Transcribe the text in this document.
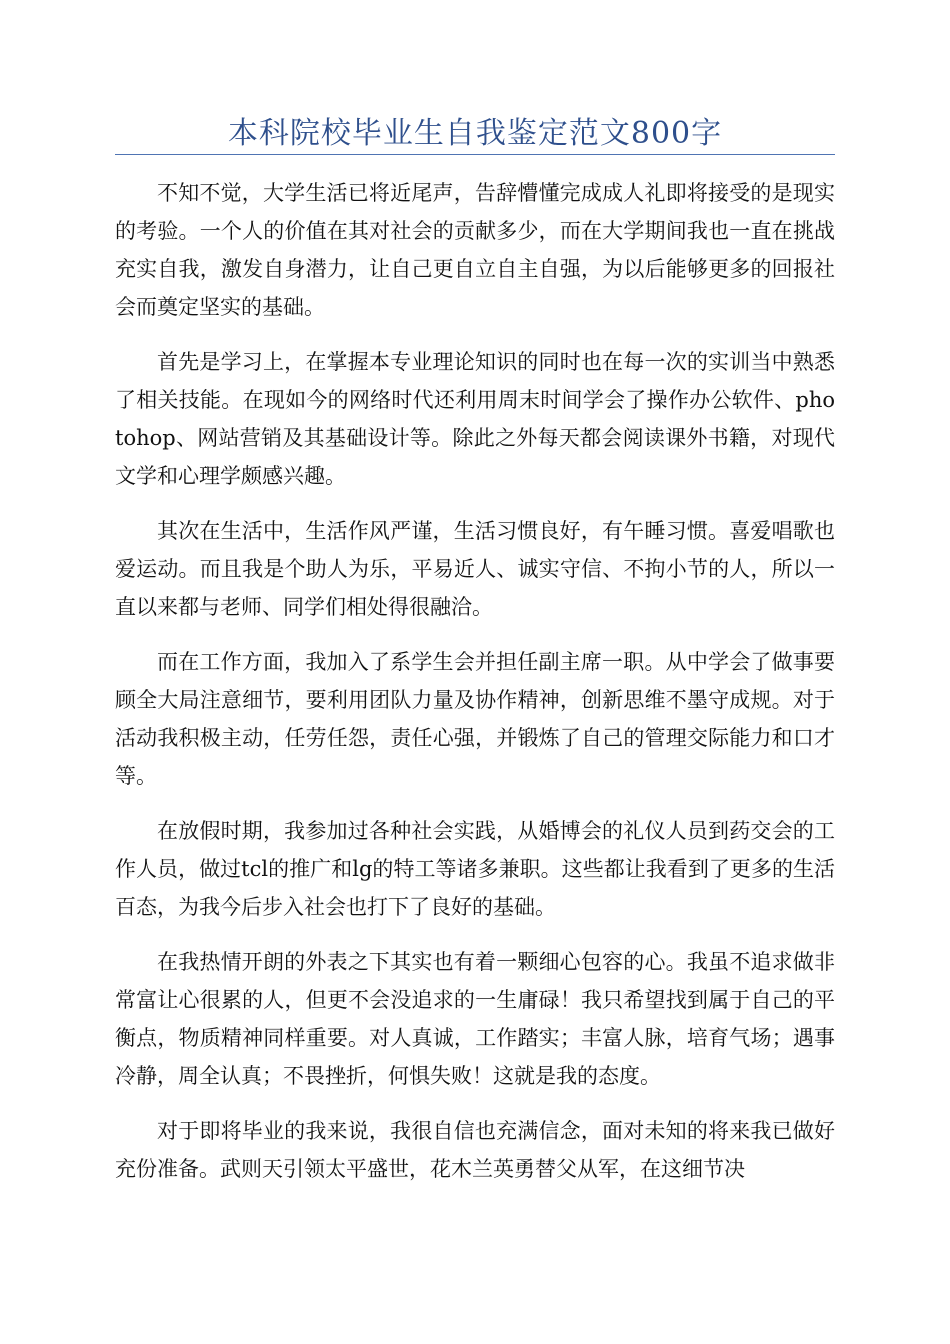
本科院校毕业生自我鉴定范文800字

不知不觉，大学生活已将近尾声，告辞懵懂完成成人礼即将接受的是现实的考验。一个人的价值在其对社会的贡献多少，而在大学期间我也一直在挑战充实自我，激发自身潜力，让自己更自立自主自强，为以后能够更多的回报社会而奠定坚实的基础。

首先是学习上，在掌握本专业理论知识的同时也在每一次的实训当中熟悉了相关技能。在现如今的网络时代还利用周末时间学会了操作办公软件、photohop、网站营销及其基础设计等。除此之外每天都会阅读课外书籍，对现代文学和心理学颇感兴趣。

其次在生活中，生活作风严谨，生活习惯良好，有午睡习惯。喜爱唱歌也爱运动。而且我是个助人为乐，平易近人、诚实守信、不拘小节的人，所以一直以来都与老师、同学们相处得很融洽。

而在工作方面，我加入了系学生会并担任副主席一职。从中学会了做事要顾全大局注意细节，要利用团队力量及协作精神，创新思维不墨守成规。对于活动我积极主动，任劳任怨，责任心强，并锻炼了自己的管理交际能力和口才等。

在放假时期，我参加过各种社会实践，从婚博会的礼仪人员到药交会的工作人员，做过tcl的推广和lg的特工等诸多兼职。这些都让我看到了更多的生活百态，为我今后步入社会也打下了良好的基础。

在我热情开朗的外表之下其实也有着一颗细心包容的心。我虽不追求做非常富让心很累的人，但更不会没追求的一生庸碌！我只希望找到属于自己的平衡点，物质精神同样重要。对人真诚，工作踏实；丰富人脉，培育气场；遇事冷静，周全认真；不畏挫折，何惧失败！这就是我的态度。

对于即将毕业的我来说，我很自信也充满信念，面对未知的将来我已做好充份准备。武则天引领太平盛世，花木兰英勇替父从军，在这细节决
